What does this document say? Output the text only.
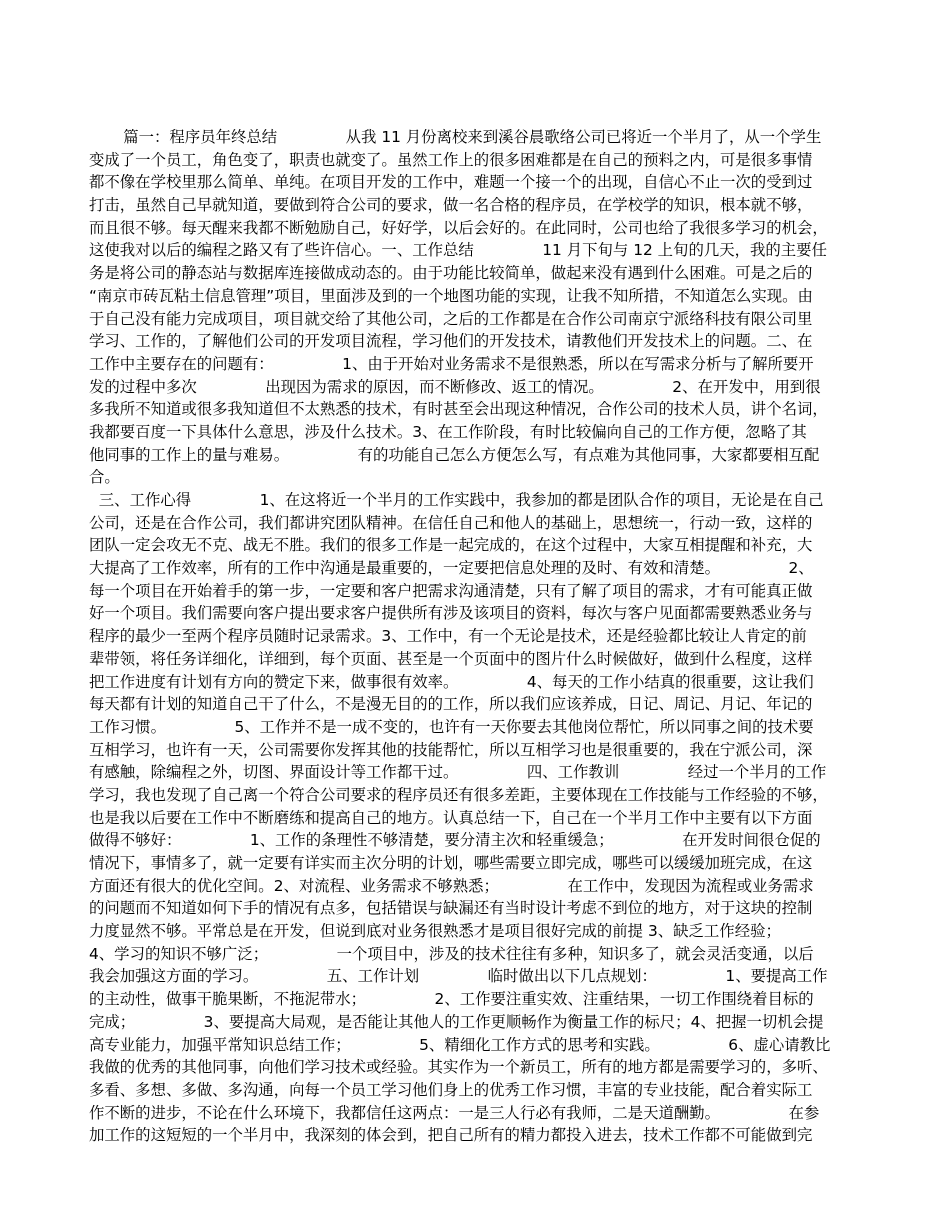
篇一：程序员年终总结              从我 11 月份离校来到溪谷晨歌络公司已将近一个半月了，从一个学生
变成了一个员工，角色变了，职责也就变了。虽然工作上的很多困难都是在自己的预料之内，可是很多事情
都不像在学校里那么简单、单纯。在项目开发的工作中，难题一个接一个的出现，自信心不止一次的受到过
打击，虽然自己早就知道，要做到符合公司的要求，做一名合格的程序员，在学校学的知识，根本就不够，
而且很不够。每天醒来我都不断勉励自己，好好学，以后会好的。在此同时，公司也给了我很多学习的机会，
这使我对以后的编程之路又有了些许信心。一、工作总结              11 月下旬与 12 上旬的几天，我的主要任
务是将公司的静态站与数据库连接做成动态的。由于功能比较简单，做起来没有遇到什么困难。可是之后的
“南京市砖瓦粘土信息管理”项目，里面涉及到的一个地图功能的实现，让我不知所措，不知道怎么实现。由
于自己没有能力完成项目，项目就交给了其他公司，之后的工作都是在合作公司南京宁派络科技有限公司里
学习、工作的，了解他们公司的开发项目流程，学习他们的开发技术，请教他们开发技术上的问题。二、在
工作中主要存在的问题有：              1、由于开始对业务需求不是很熟悉，所以在写需求分析与了解所要开
发的过程中多次              出现因为需求的原因，而不断修改、返工的情况。              2、在开发中，用到很
多我所不知道或很多我知道但不太熟悉的技术，有时甚至会出现这种情况，合作公司的技术人员，讲个名词，
我都要百度一下具体什么意思，涉及什么技术。3、在工作阶段，有时比较偏向自己的工作方便，忽略了其
他同事的工作上的量与难易。              有的功能自己怎么方便怎么写，有点难为其他同事，大家都要相互配
合。
三、工作心得              1、在这将近一个半月的工作实践中，我参加的都是团队合作的项目，无论是在自己
公司，还是在合作公司，我们都讲究团队精神。在信任自己和他人的基础上，思想统一，行动一致，这样的
团队一定会攻无不克、战无不胜。我们的很多工作是一起完成的，在这个过程中，大家互相提醒和补充，大
大提高了工作效率，所有的工作中沟通是最重要的，一定要把信息处理的及时、有效和清楚。              2、
每一个项目在开始着手的第一步，一定要和客户把需求沟通清楚，只有了解了项目的需求，才有可能真正做
好一个项目。我们需要向客户提出要求客户提供所有涉及该项目的资料，每次与客户见面都需要熟悉业务与
程序的最少一至两个程序员随时记录需求。3、工作中，有一个无论是技术，还是经验都比较让人肯定的前
辈带领，将任务详细化，详细到，每个页面、甚至是一个页面中的图片什么时候做好，做到什么程度，这样
把工作进度有计划有方向的赞定下来，做事很有效率。              4、每天的工作小结真的很重要，这让我们
每天都有计划的知道自己干了什么，不是漫无目的的工作，所以我们应该养成，日记、周记、月记、年记的
工作习惯。              5、工作并不是一成不变的，也许有一天你要去其他岗位帮忙，所以同事之间的技术要
互相学习，也许有一天，公司需要你发挥其他的技能帮忙，所以互相学习也是很重要的，我在宁派公司，深
有感触，除编程之外，切图、界面设计等工作都干过。              四、工作教训              经过一个半月的工作
学习，我也发现了自己离一个符合公司要求的程序员还有很多差距，主要体现在工作技能与工作经验的不够，
也是我以后要在工作中不断磨练和提高自己的地方。认真总结一下，自己在一个半月工作中主要有以下方面
做得不够好：              1、工作的条理性不够清楚，要分清主次和轻重缓急；              在开发时间很仓促的
情况下，事情多了，就一定要有详实而主次分明的计划，哪些需要立即完成，哪些可以缓缓加班完成，在这
方面还有很大的优化空间。2、对流程、业务需求不够熟悉；              在工作中，发现因为流程或业务需求
的问题而不知道如何下手的情况有点多，包括错误与缺漏还有当时设计考虑不到位的地方，对于这块的控制
力度显然不够。平常总是在开发，但说到底对业务很熟悉才是项目很好完成的前提 3、缺乏工作经验；
4、学习的知识不够广泛；              一个项目中，涉及的技术往往有多种，知识多了，就会灵活变通，以后
我会加强这方面的学习。              五、工作计划              临时做出以下几点规划：              1、要提高工作
的主动性，做事干脆果断，不拖泥带水；              2、工作要注重实效、注重结果，一切工作围绕着目标的
完成；              3、要提高大局观，是否能让其他人的工作更顺畅作为衡量工作的标尺；4、把握一切机会提
高专业能力，加强平常知识总结工作；              5、精细化工作方式的思考和实践。              6、虚心请教比
我做的优秀的其他同事，向他们学习技术或经验。其实作为一个新员工，所有的地方都是需要学习的，多听、
多看、多想、多做、多沟通，向每一个员工学习他们身上的优秀工作习惯，丰富的专业技能，配合着实际工
作不断的进步，不论在什么环境下，我都信任这两点：一是三人行必有我师，二是天道酬勤。              在参
加工作的这短短的一个半月中，我深刻的体会到，把自己所有的精力都投入进去，技术工作都不可能做到完
